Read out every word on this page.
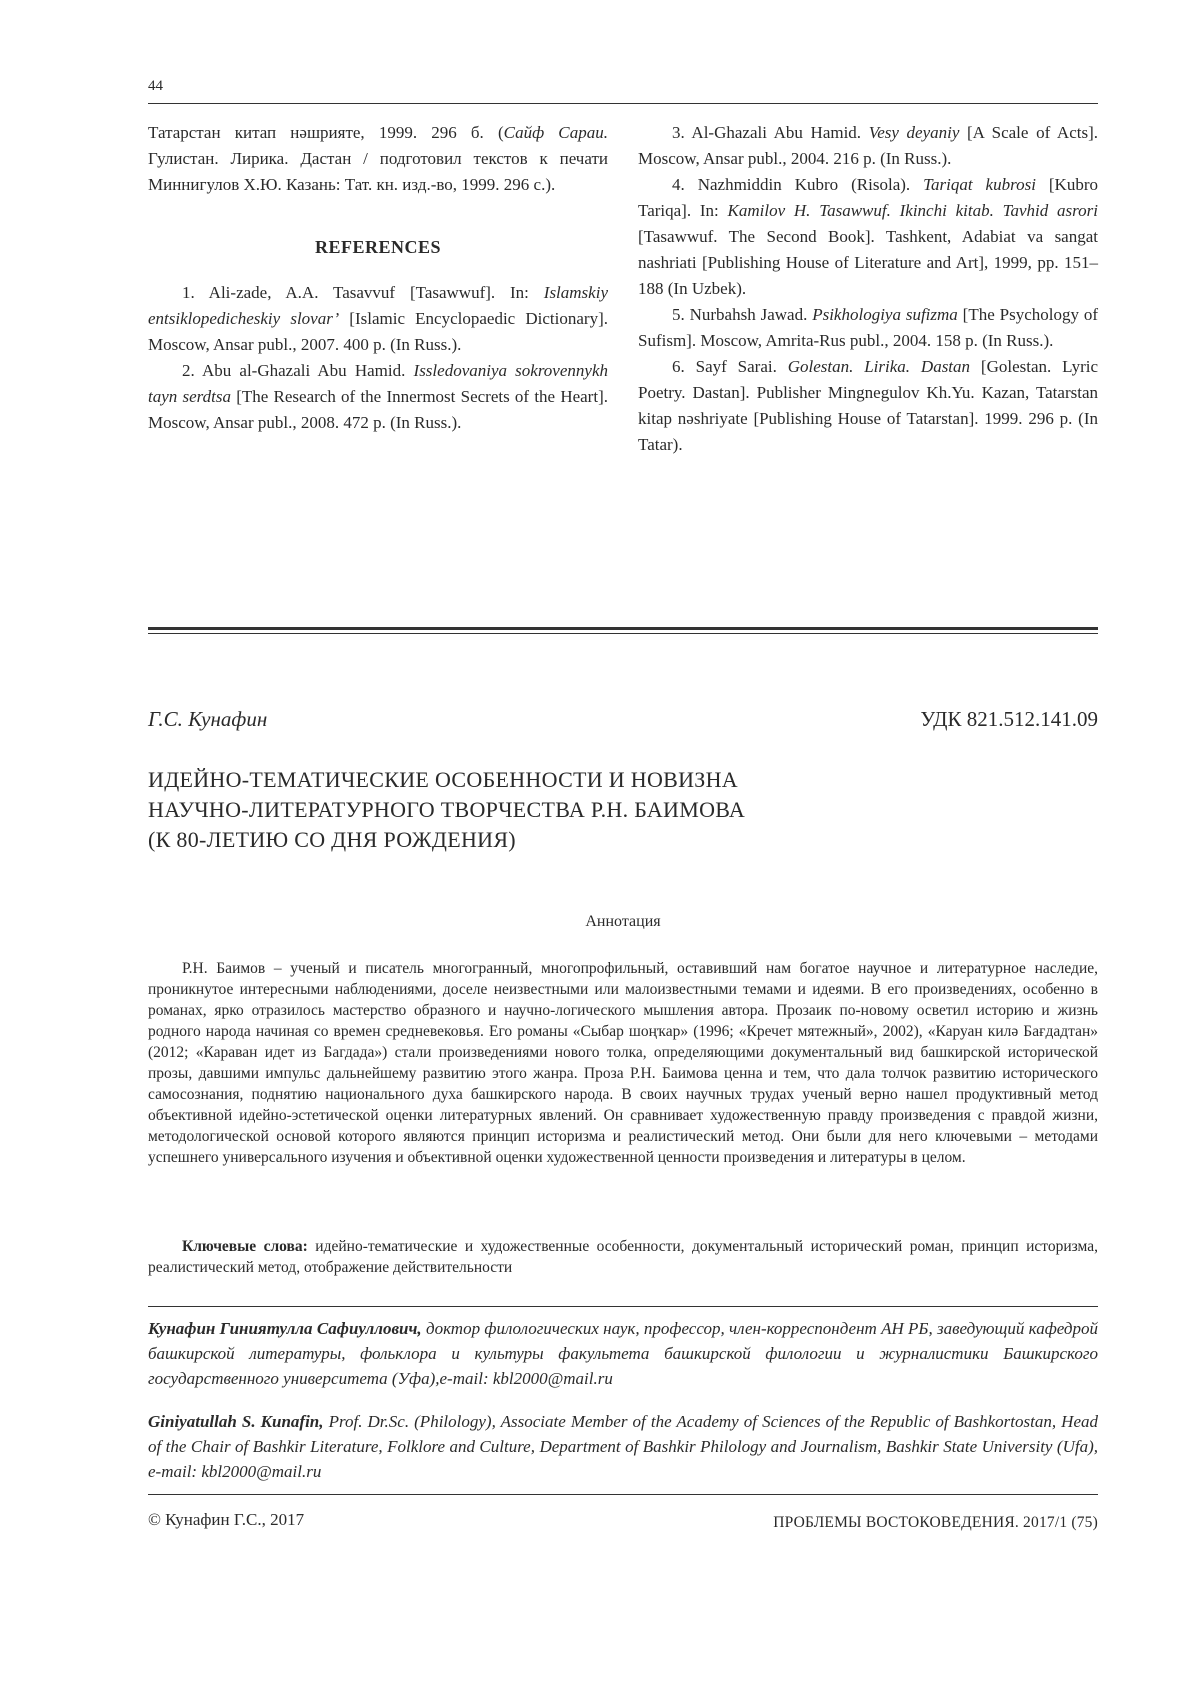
44

Татарстан китап нәшрияте, 1999. 296 б. (Сайф Сараи. Гулистан. Лирика. Дастан / подготовил текстов к печати Миннигулов Х.Ю. Казань: Тат. кн. изд.-во, 1999. 296 с.).

REFERENCES

1. Ali-zade, A.A. Tasavvuf [Tasawwuf]. In: Islamskiy entsiklopedicheskiy slovar’ [Islamic Encyclopaedic Dictionary]. Moscow, Ansar publ., 2007. 400 p. (In Russ.).

2. Abu al-Ghazali Abu Hamid. Issledovaniya sokrovennykh tayn serdtsa [The Research of the Innermost Secrets of the Heart]. Moscow, Ansar publ., 2008. 472 p. (In Russ.).

3. Al-Ghazali Abu Hamid. Vesy deyaniy [A Scale of Acts]. Moscow, Ansar publ., 2004. 216 p. (In Russ.).

4. Nazhmiddin Kubro (Risola). Tariqat kubrosi [Kubro Tariqa]. In: Kamilov H. Tasawwuf. Ikinchi kitab. Tavhid asrori [Tasawwuf. The Second Book]. Tashkent, Adabiat va sangat nashriati [Publishing House of Literature and Art], 1999, pp. 151–188 (In Uzbek).

5. Nurbahsh Jawad. Psikhologiya sufizma [The Psychology of Sufism]. Moscow, Amrita-Rus publ., 2004. 158 p. (In Russ.).

6. Sayf Sarai. Golestan. Lirika. Dastan [Golestan. Lyric Poetry. Dastan]. Publisher Mingnegulov Kh.Yu. Kazan, Tatarstan kitap nəshriyate [Publishing House of Tatarstan]. 1999. 296 p. (In Tatar).

Г.С. Кунафин	УДК 821.512.141.09
ИДЕЙНО-ТЕМАТИЧЕСКИЕ ОСОБЕННОСТИ И НОВИЗНА
НАУЧНО-ЛИТЕРАТУРНОГО ТВОРЧЕСТВА Р.Н. БАИМОВА
(К 80-ЛЕТИЮ СО ДНЯ РОЖДЕНИЯ)
Аннотация

Р.Н. Баимов – ученый и писатель многогранный, многопрофильный, оставивший нам богатое научное и литературное наследие, проникнутое интересными наблюдениями, доселе неизвестными или малоизвестными темами и идеями. В его произведениях, особенно в романах, ярко отразилось мастерство образного и научно-логического мышления автора. Прозаик по-новому осветил историю и жизнь родного народа начиная со времен средневековья. Его романы «Сыбар шоңҡар» (1996; «Кречет мятежный», 2002), «Каруан килә Бағдадтан» (2012; «Караван идет из Багдада») стали произведениями нового толка, определяющими документальный вид башкирской исторической прозы, давшими импульс дальнейшему развитию этого жанра. Проза Р.Н. Баимова ценна и тем, что дала толчок развитию исторического самосознания, поднятию национального духа башкирского народа. В своих научных трудах ученый верно нашел продуктивный метод объективной идейно-эстетической оценки литературных явлений. Он сравнивает художественную правду произведения с правдой жизни, методологической основой которого являются принцип историзма и реалистический метод. Они были для него ключевыми – методами успешнего универсального изучения и объективной оценки художественной ценности произведения и литературы в целом.

Ключевые слова: идейно-тематические и художественные особенности, документальный исторический роман, принцип историзма, реалистический метод, отображение действительности
Кунафин Гиниятулла Сафиуллович, доктор филологических наук, профессор, член-корреспондент АН РБ, заведующий кафедрой башкирской литературы, фольклора и культуры факультета башкирской филологии и журналистики Башкирского государственного университета (Уфа),e-mail: kbl2000@mail.ru
Giniyatullah S. Kunafin, Prof. Dr.Sc. (Philology), Associate Member of the Academy of Sciences of the Republic of Bashkortostan, Head of the Chair of Bashkir Literature, Folklore and Culture, Department of Bashkir Philology and Journalism, Bashkir State University (Ufa), e-mail: kbl2000@mail.ru
© Кунафин Г.С., 2017	ПРОБЛЕМЫ ВОСТОКОВЕДЕНИЯ. 2017/1 (75)
